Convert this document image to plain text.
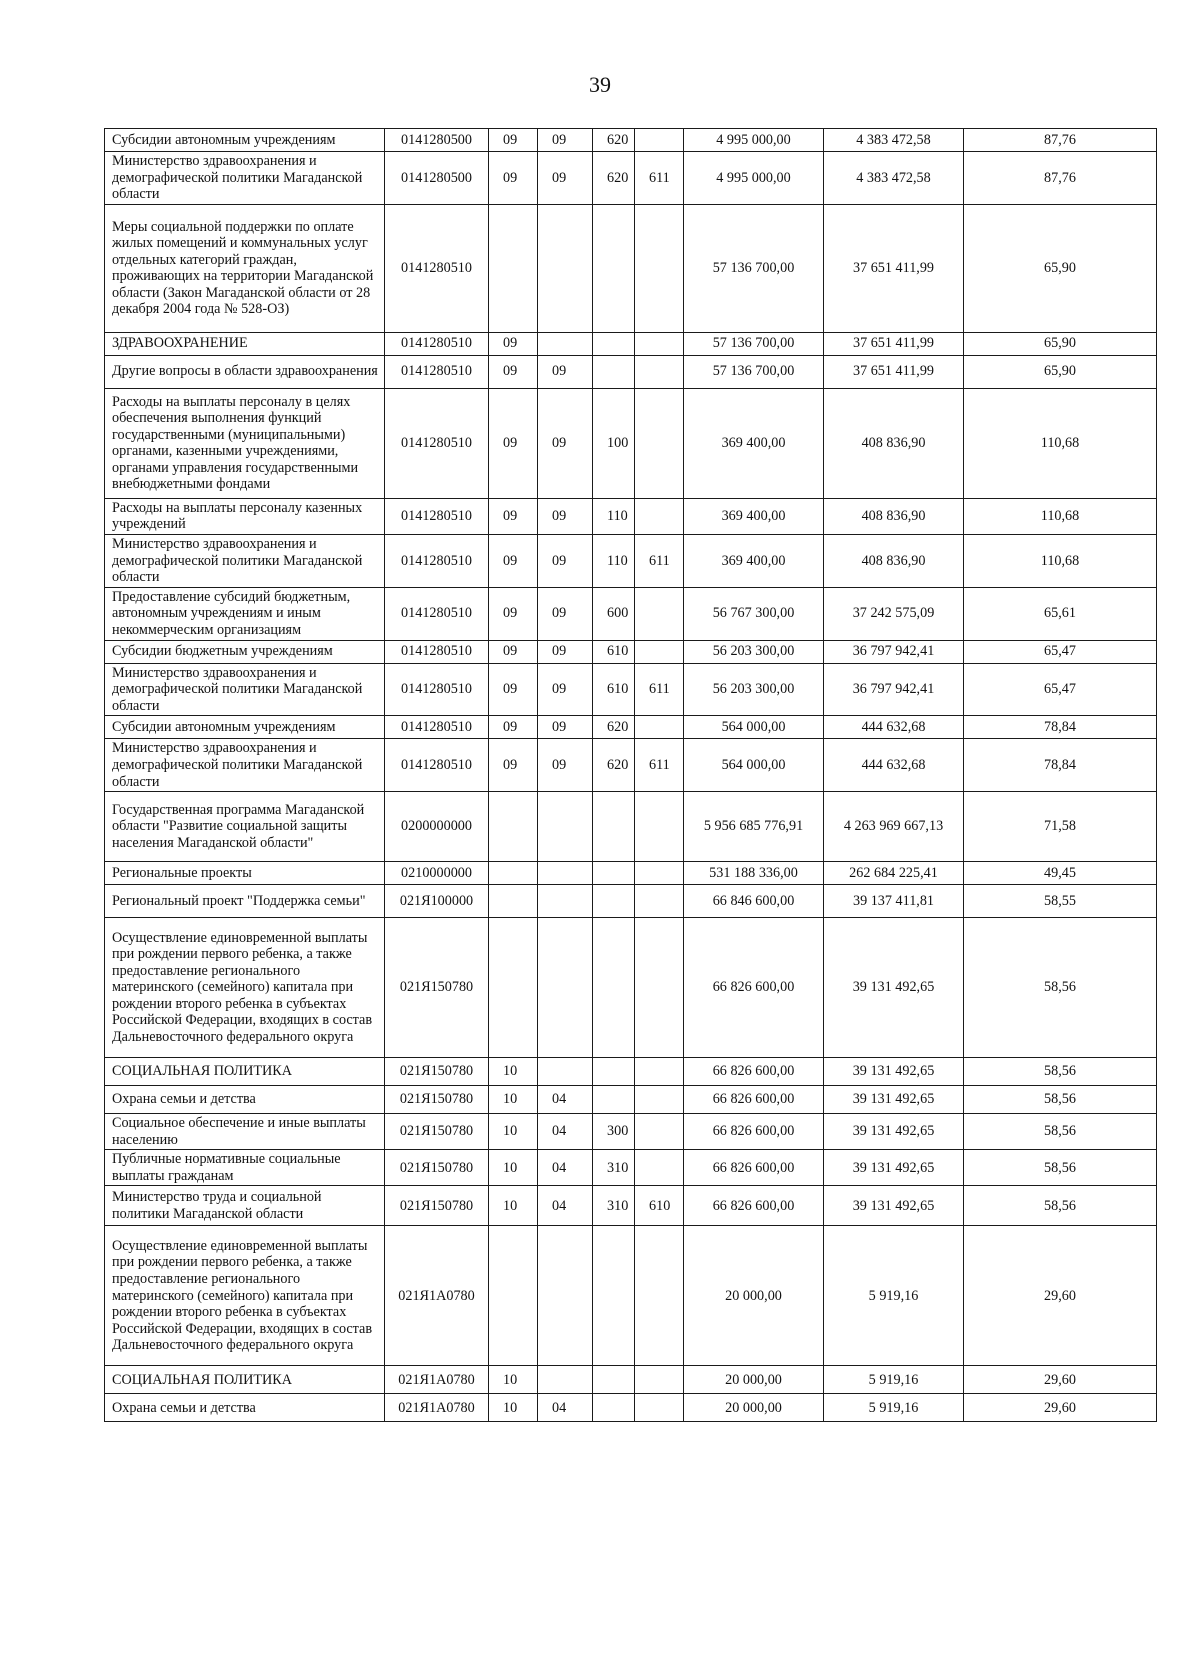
39
Субсидии автономным учреждениям	0141280500	09	09	620		4 995 000,00	4 383 472,58	87,76
Министерство здравоохранения и демографической политики Магаданской области	0141280500	09	09	620	611	4 995 000,00	4 383 472,58	87,76
Меры социальной поддержки по оплате жилых помещений и коммунальных услуг отдельных категорий граждан, проживающих на территории Магаданской области (Закон Магаданской области от 28 декабря 2004 года № 528-ОЗ)	0141280510					57 136 700,00	37 651 411,99	65,90
ЗДРАВООХРАНЕНИЕ	0141280510	09				57 136 700,00	37 651 411,99	65,90
Другие вопросы в области здравоохранения	0141280510	09	09			57 136 700,00	37 651 411,99	65,90
Расходы на выплаты персоналу в целях обеспечения выполнения функций государственными (муниципальными) органами, казенными учреждениями, органами управления государственными внебюджетными фондами	0141280510	09	09	100		369 400,00	408 836,90	110,68
Расходы на выплаты персоналу казенных учреждений	0141280510	09	09	110		369 400,00	408 836,90	110,68
Министерство здравоохранения и демографической политики Магаданской области	0141280510	09	09	110	611	369 400,00	408 836,90	110,68
Предоставление субсидий бюджетным, автономным учреждениям и иным некоммерческим организациям	0141280510	09	09	600		56 767 300,00	37 242 575,09	65,61
Субсидии бюджетным учреждениям	0141280510	09	09	610		56 203 300,00	36 797 942,41	65,47
Министерство здравоохранения и демографической политики Магаданской области	0141280510	09	09	610	611	56 203 300,00	36 797 942,41	65,47
Субсидии автономным учреждениям	0141280510	09	09	620		564 000,00	444 632,68	78,84
Министерство здравоохранения и демографической политики Магаданской области	0141280510	09	09	620	611	564 000,00	444 632,68	78,84
Государственная программа Магаданской области "Развитие социальной защиты населения Магаданской области"	0200000000					5 956 685 776,91	4 263 969 667,13	71,58
Региональные проекты	0210000000					531 188 336,00	262 684 225,41	49,45
Региональный проект "Поддержка семьи"	021Я100000					66 846 600,00	39 137 411,81	58,55
Осуществление единовременной выплаты при рождении первого ребенка, а также предоставление регионального материнского (семейного) капитала при рождении второго ребенка в субъектах Российской Федерации, входящих в состав Дальневосточного федерального округа	021Я150780					66 826 600,00	39 131 492,65	58,56
СОЦИАЛЬНАЯ ПОЛИТИКА	021Я150780	10				66 826 600,00	39 131 492,65	58,56
Охрана семьи и детства	021Я150780	10	04			66 826 600,00	39 131 492,65	58,56
Социальное обеспечение и иные выплаты населению	021Я150780	10	04	300		66 826 600,00	39 131 492,65	58,56
Публичные нормативные социальные выплаты гражданам	021Я150780	10	04	310		66 826 600,00	39 131 492,65	58,56
Министерство труда и социальной политики Магаданской области	021Я150780	10	04	310	610	66 826 600,00	39 131 492,65	58,56
Осуществление единовременной выплаты при рождении первого ребенка, а также предоставление регионального материнского (семейного) капитала при рождении второго ребенка в субъектах Российской Федерации, входящих в состав Дальневосточного федерального округа	021Я1А0780					20 000,00	5 919,16	29,60
СОЦИАЛЬНАЯ ПОЛИТИКА	021Я1А0780	10				20 000,00	5 919,16	29,60
Охрана семьи и детства	021Я1А0780	10	04			20 000,00	5 919,16	29,60
